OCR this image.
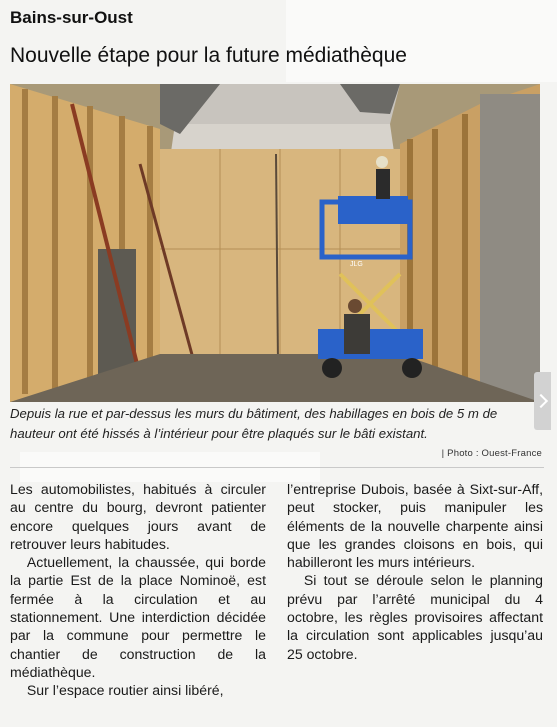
Bains-sur-Oust
Nouvelle étape pour la future médiathèque
JLG
Depuis la rue et par-dessus les murs du bâtiment, des habillages en bois de 5 m de hauteur ont été hissés à l’intérieur pour être plaqués sur le bâti existant.
| Photo : Ouest-France

Les automobilistes, habitués à circuler au centre du bourg, devront patienter encore quelques jours avant de retrouver leurs habitudes.

Actuellement, la chaussée, qui borde la partie Est de la place Nominoë, est fermée à la circulation et au stationnement. Une interdiction décidée par la commune pour permettre le chantier de construction de la médiathèque.

Sur l’espace routier ainsi libéré,

l’entreprise Dubois, basée à Sixt-sur-Aff, peut stocker, puis manipuler les éléments de la nouvelle charpente ainsi que les grandes cloisons en bois, qui habilleront les murs intérieurs.

Si tout se déroule selon le planning prévu par l’arrêté municipal du 4 octobre, les règles provisoires affectant la circulation sont applicables jusqu’au 25 octobre.
